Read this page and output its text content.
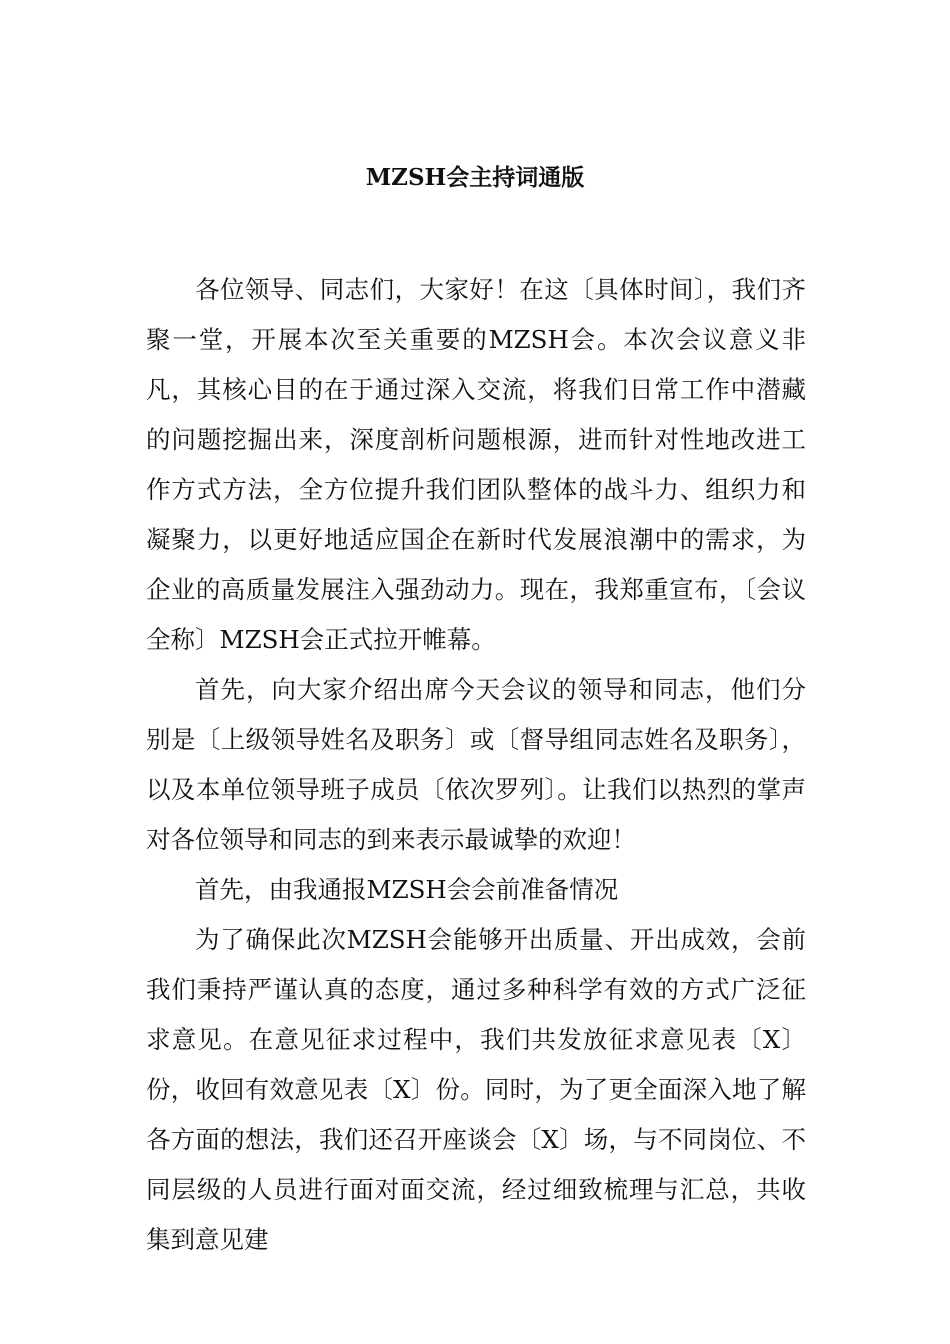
MZSH会主持词通版

各位领导、同志们，大家好！在这〔具体时间〕，我们齐聚一堂，开展本次至关重要的MZSH会。本次会议意义非凡，其核心目的在于通过深入交流，将我们日常工作中潜藏的问题挖掘出来，深度剖析问题根源，进而针对性地改进工作方式方法，全方位提升我们团队整体的战斗力、组织力和凝聚力，以更好地适应国企在新时代发展浪潮中的需求，为企业的高质量发展注入强劲动力。现在，我郑重宣布，〔会议全称〕MZSH会正式拉开帷幕。

首先，向大家介绍出席今天会议的领导和同志，他们分别是〔上级领导姓名及职务〕或〔督导组同志姓名及职务〕，以及本单位领导班子成员〔依次罗列〕。让我们以热烈的掌声对各位领导和同志的到来表示最诚挚的欢迎！

首先，由我通报MZSH会会前准备情况

为了确保此次MZSH会能够开出质量、开出成效，会前我们秉持严谨认真的态度，通过多种科学有效的方式广泛征求意见。在意见征求过程中，我们共发放征求意见表〔X〕份，收回有效意见表〔X〕份。同时，为了更全面深入地了解各方面的想法，我们还召开座谈会〔X〕场，与不同岗位、不同层级的人员进行面对面交流，经过细致梳理与汇总，共收集到意见建
